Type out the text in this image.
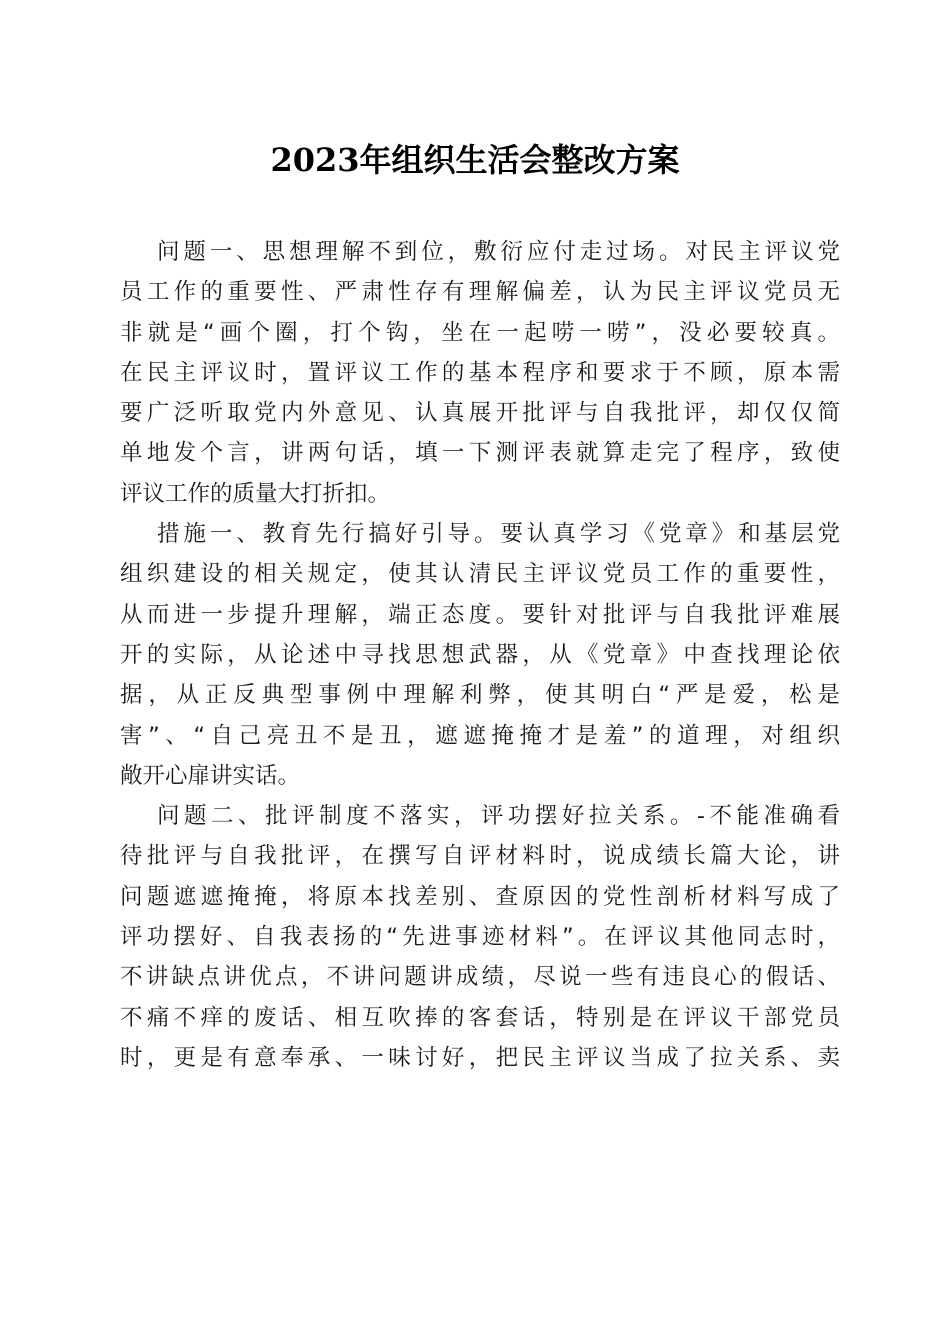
2023年组织生活会整改方案
问题一、思想理解不到位，敷衍应付走过场。对民主评议党
员工作的重要性、严肃性存有理解偏差，认为民主评议党员无
非就是“画个圈，打个钩，坐在一起唠一唠”，没必要较真。
在民主评议时，置评议工作的基本程序和要求于不顾，原本需
要广泛听取党内外意见、认真展开批评与自我批评，却仅仅简
单地发个言，讲两句话，填一下测评表就算走完了程序，致使
评议工作的质量大打折扣。
措施一、教育先行搞好引导。要认真学习《党章》和基层党
组织建设的相关规定，使其认清民主评议党员工作的重要性，
从而进一步提升理解，端正态度。要针对批评与自我批评难展
开的实际，从论述中寻找思想武器，从《党章》中查找理论依
据，从正反典型事例中理解利弊，使其明白“严是爱，松是
害”、“自己亮丑不是丑，遮遮掩掩才是羞”的道理，对组织
敞开心扉讲实话。
问题二、批评制度不落实，评功摆好拉关系。-不能准确看
待批评与自我批评，在撰写自评材料时，说成绩长篇大论，讲
问题遮遮掩掩，将原本找差别、查原因的党性剖析材料写成了
评功摆好、自我表扬的“先进事迹材料”。在评议其他同志时，
不讲缺点讲优点，不讲问题讲成绩，尽说一些有违良心的假话、
不痛不痒的废话、相互吹捧的客套话，特别是在评议干部党员
时，更是有意奉承、一味讨好，把民主评议当成了拉关系、卖
